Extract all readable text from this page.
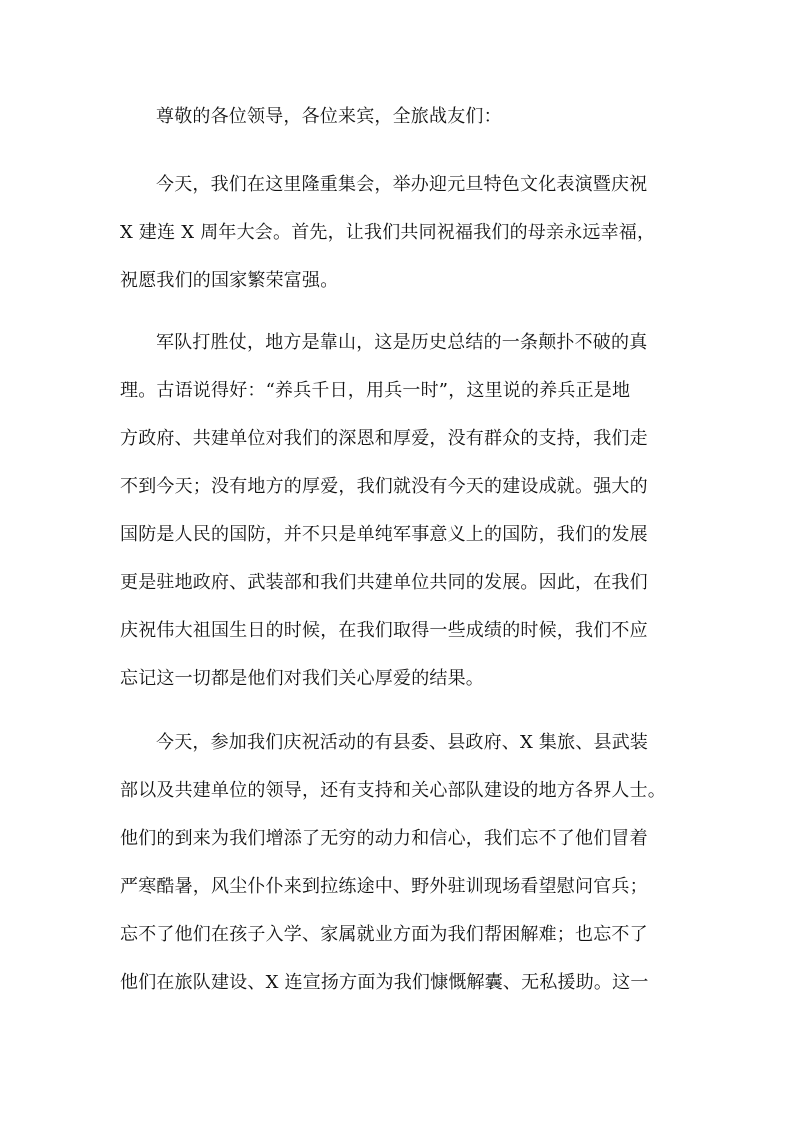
尊敬的各位领导，各位来宾，全旅战友们：
今天，我们在这里隆重集会，举办迎元旦特色文化表演暨庆祝
X 建连 X 周年大会。首先，让我们共同祝福我们的母亲永远幸福，
祝愿我们的国家繁荣富强。
军队打胜仗，地方是靠山，这是历史总结的一条颠扑不破的真
理。古语说得好：“养兵千日，用兵一时”，这里说的养兵正是地
方政府、共建单位对我们的深恩和厚爱，没有群众的支持，我们走
不到今天；没有地方的厚爱，我们就没有今天的建设成就。强大的
国防是人民的国防，并不只是单纯军事意义上的国防，我们的发展
更是驻地政府、武装部和我们共建单位共同的发展。因此，在我们
庆祝伟大祖国生日的时候，在我们取得一些成绩的时候，我们不应
忘记这一切都是他们对我们关心厚爱的结果。
今天，参加我们庆祝活动的有县委、县政府、X 集旅、县武装
部以及共建单位的领导，还有支持和关心部队建设的地方各界人士。
他们的到来为我们增添了无穷的动力和信心，我们忘不了他们冒着
严寒酷暑，风尘仆仆来到拉练途中、野外驻训现场看望慰问官兵；
忘不了他们在孩子入学、家属就业方面为我们帮困解难；也忘不了
他们在旅队建设、X 连宣扬方面为我们慷慨解囊、无私援助。这一
